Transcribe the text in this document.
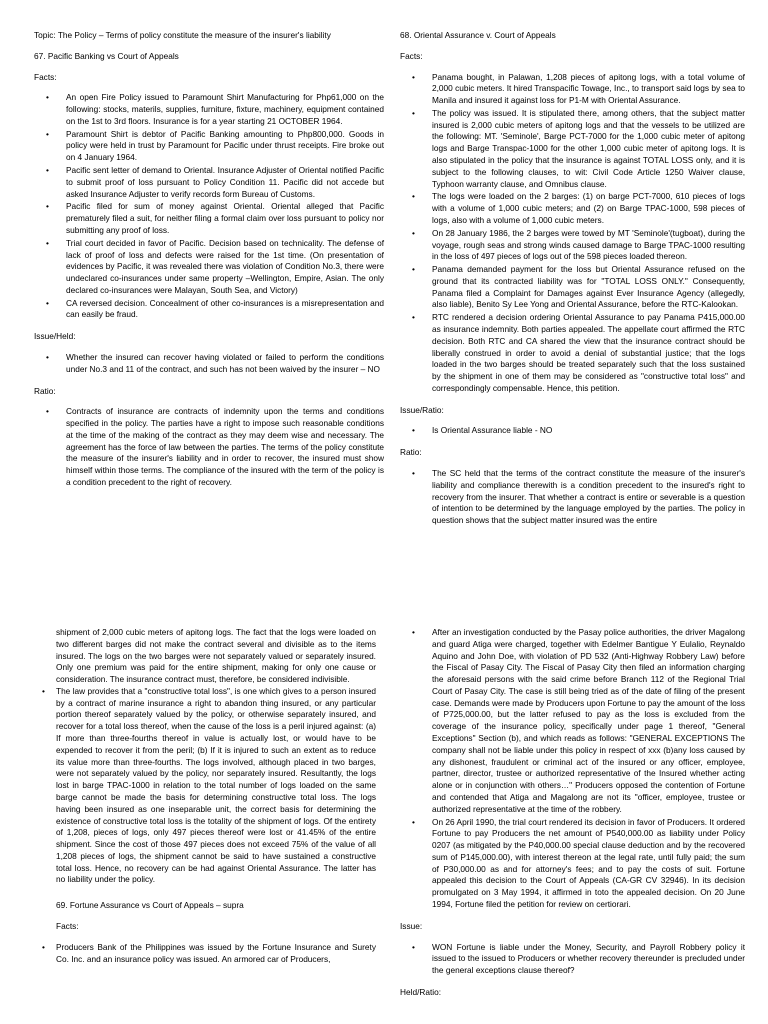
Topic: The Policy – Terms of policy constitute the measure of the insurer's liability

67. Pacific Banking vs Court of Appeals

Facts:

• An open Fire Policy issued to Paramount Shirt Manufacturing for Php61,000 on the following: stocks, materils, supplies, furniture, fixture, machinery, equipment contained on the 1st to 3rd floors. Insurance is for a year starting 21 OCTOBER 1964.
• Paramount Shirt is debtor of Pacific Banking amounting to Php800,000. Goods in policy were held in trust by Paramount for Pacific under thrust receipts. Fire broke out on 4 January 1964.
• Pacific sent letter of demand to Oriental. Insurance Adjuster of Oriental notified Pacific to submit proof of loss pursuant to Policy Condition 11. Pacific did not accede but asked Insurance Adjuster to verify records form Bureau of Customs.
• Pacific filed for sum of money against Oriental. Oriental alleged that Pacific prematurely filed a suit, for neither filing a formal claim over loss pursuant to policy nor submitting any proof of loss.
• Trial court decided in favor of Pacific. Decision based on technicality. The defense of lack of proof of loss and defects were raised for the 1st time. (On presentation of evidences by Pacific, it was revealed there was violation of Condition No.3, there were undeclared co-insurances under same property –Wellington, Empire, Asian. The only declared co-insurances were Malayan, South Sea, and Victory)
• CA reversed decision. Concealment of other co-insurances is a misrepresentation and can easily be fraud.

Issue/Held:

• Whether the insured can recover having violated or failed to perform the conditions under No.3 and 11 of the contract, and such has not been waived by the insurer – NO

Ratio:

• Contracts of insurance are contracts of indemnity upon the terms and conditions specified in the policy. The parties have a right to impose such reasonable conditions at the time of the making of the contract as they may deem wise and necessary. The agreement has the force of law between the parties. The terms of the policy constitute the measure of the insurer's liability and in order to recover, the insured must show himself within those terms. The compliance of the insured with the term of the policy is a condition precedent to the right of recovery.

68. Oriental Assurance v. Court of Appeals

Facts:

• Panama bought, in Palawan, 1,208 pieces of apitong logs, with a total volume of 2,000 cubic meters. It hired Transpacific Towage, Inc., to transport said logs by sea to Manila and insured it against loss for P1-M with Oriental Assurance.
• The policy was issued. It is stipulated there, among others, that the subject matter insured is 2,000 cubic meters of apitong logs and that the vessels to be utilized are the following: MT. 'Seminole', Barge PCT-7000 for the 1,000 cubic meter of apitong logs and Barge Transpac-1000 for the other 1,000 cubic meter of apitong logs. It is also stipulated in the policy that the insurance is against TOTAL LOSS only, and it is subject to the following clauses, to wit: Civil Code Article 1250 Waiver clause, Typhoon warranty clause, and Omnibus clause.
• The logs were loaded on the 2 barges: (1) on barge PCT-7000, 610 pieces of logs with a volume of 1,000 cubic meters; and (2) on Barge TPAC-1000, 598 pieces of logs, also with a volume of 1,000 cubic meters.
• On 28 January 1986, the 2 barges were towed by MT 'Seminole'(tugboat), during the voyage, rough seas and strong winds caused damage to Barge TPAC-1000 resulting in the loss of 497 pieces of logs out of the 598 pieces loaded thereon.
• Panama demanded payment for the loss but Oriental Assurance refused on the ground that its contracted liability was for "TOTAL LOSS ONLY." Consequently, Panama filed a Complaint for Damages against Ever Insurance Agency (allegedly, also liable), Benito Sy Lee Yong and Oriental Assurance, before the RTC-Kalookan.
• RTC rendered a decision ordering Oriental Assurance to pay Panama P415,000.00 as insurance indemnity. Both parties appealed. The appellate court affirmed the RTC decision. Both RTC and CA shared the view that the insurance contract should be liberally construed in order to avoid a denial of substantial justice; that the logs loaded in the two barges should be treated separately such that the loss sustained by the shipment in one of them may be considered as "constructive total loss" and correspondingly compensable. Hence, this petition.

Issue/Ratio:

• Is Oriental Assurance liable - NO

Ratio:

• The SC held that the terms of the contract constitute the measure of the insurer's liability and compliance therewith is a condition precedent to the insured's right to recovery from the insurer. That whether a contract is entire or severable is a question of intention to be determined by the language employed by the parties. The policy in question shows that the subject matter insured was the entire

shipment of 2,000 cubic meters of apitong logs. The fact that the logs were loaded on two different barges did not make the contract several and divisible as to the items insured. The logs on the two barges were not separately valued or separately insured. Only one premium was paid for the entire shipment, making for only one cause or consideration. The insurance contract must, therefore, be considered indivisible.

• The law provides that a "constructive total loss", is one which gives to a person insured by a contract of marine insurance a right to abandon thing insured, or any particular portion thereof separately valued by the policy, or otherwise separately insured, and recover for a total loss thereof, when the cause of the loss is a peril injured against: (a) If more than three-fourths thereof in value is actually lost, or would have to be expended to recover it from the peril; (b) If it is injured to such an extent as to reduce its value more than three-fourths. The logs involved, although placed in two barges, were not separately valued by the policy, nor separately insured. Resultantly, the logs lost in barge TPAC-1000 in relation to the total number of logs loaded on the same barge cannot be made the basis for determining constructive total loss. The logs having been insured as one inseparable unit, the correct basis for determining the existence of constructive total loss is the totality of the shipment of logs. Of the entirety of 1,208, pieces of logs, only 497 pieces thereof were lost or 41.45% of the entire shipment. Since the cost of those 497 pieces does not exceed 75% of the value of all 1,208 pieces of logs, the shipment cannot be said to have sustained a constructive total loss. Hence, no recovery can be had against Oriental Assurance. The latter has no liability under the policy.

69. Fortune Assurance vs Court of Appeals – supra

Facts:

• Producers Bank of the Philippines was issued by the Fortune Insurance and Surety Co. Inc. and an insurance policy was issued. An armored car of Producers,
• After an investigation conducted by the Pasay police authorities, the driver Magalong and guard Atiga were charged, together with Edelmer Bantigue Y Eulalio, Reynaldo Aquino and John Doe, with violation of PD 532 (Anti-Highway Robbery Law) before the Fiscal of Pasay City. The Fiscal of Pasay City then filed an information charging the aforesaid persons with the said crime before Branch 112 of the Regional Trial Court of Pasay City. The case is still being tried as of the date of filing of the present case. Demands were made by Producers upon Fortune to pay the amount of the loss of P725,000.00, but the latter refused to pay as the loss is excluded from the coverage of the insurance policy, specifically under page 1 thereof, "General Exceptions" Section (b), and which reads as follows: "GENERAL EXCEPTIONS The company shall not be liable under this policy in respect of xxx (b)any loss caused by any dishonest, fraudulent or criminal act of the insured or any officer, employee, partner, director, trustee or authorized representative of the Insured whether acting alone or in conjunction with others…" Producers opposed the contention of Fortune and contended that Atiga and Magalong are not its "officer, employee, trustee or authorized representative at the time of the robbery.
• On 26 April 1990, the trial court rendered its decision in favor of Producers. It ordered Fortune to pay Producers the net amount of P540,000.00 as liability under Policy 0207 (as mitigated by the P40,000.00 special clause deduction and by the recovered sum of P145,000.00), with interest thereon at the legal rate, until fully paid; the sum of P30,000.00 as and for attorney's fees; and to pay the costs of suit. Fortune appealed this decision to the Court of Appeals (CA-GR CV 32946). In its decision promulgated on 3 May 1994, it affirmed in toto the appealed decision. On 20 June 1994, Fortune filed the petition for review on certiorari.

Issue:

• WON Fortune is liable under the Money, Security, and Payroll Robbery policy it issued to the issued to Producers or whether recovery thereunder is precluded under the general exceptions clause thereof?

Held/Ratio:
